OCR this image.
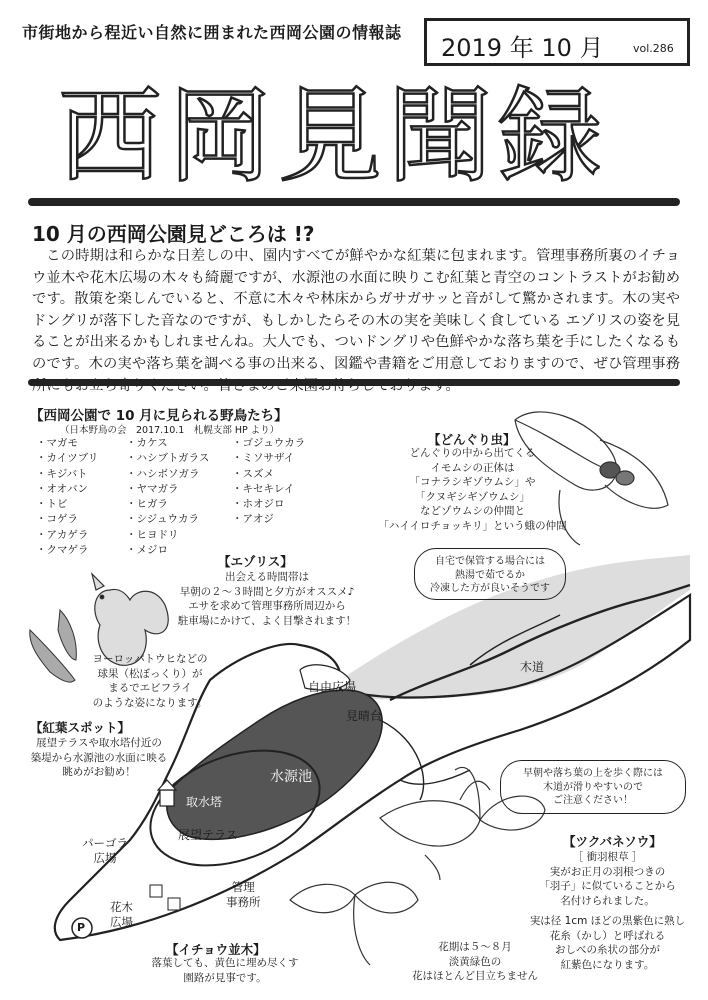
市街地から程近い自然に囲まれた西岡公園の情報誌
2019 年 10 月	vol.286
西岡見聞録
10 月の西岡公園見どころは !?
この時期は和らかな日差しの中、園内すべてが鮮やかな紅葉に包まれます。管理事務所裏のイチョウ並木や花木広場の木々も綺麗ですが、水源池の水面に映りこむ紅葉と青空のコントラストがお勧めです。散策を楽しんでいると、不意に木々や林床からガサガサッと音がして驚かされます。木の実やドングリが落下した音なのですが、もしかしたらその木の実を美味しく食している エゾリスの姿を見ることが出来るかもしれませんね。大人でも、ついドングリや色鮮やかな落ち葉を手にしたくなるものです。木の実や落ち葉を調べる事の出来る、図鑑や書籍をご用意しておりますので、ぜひ管理事務
【西岡公園で 10 月に見られる野鳥たち】
（日本野鳥の会　2017.10.1　札幌支部 HP より）
・マガモ
・カイツブリ
・キジバト
・オオバン
・トビ
・コゲラ
・アカゲラ
・クマゲラ
・カケス
・ハシブトガラス
・ハシボソガラ
・ヤマガラ
・ヒガラ
・シジュウカラ
・ヒヨドリ
・メジロ
・ゴジュウカラ
・ミソサザイ
・スズメ
・キセキレイ
・ホオジロ
・アオジ
【どんぐり虫】
どんぐりの中から出てくる
イモムシの正体は
「コナラシギゾウムシ」や
「クヌギシギゾウムシ」
などゾウムシの仲間と
「ハイイロチョッキリ」という蛾の仲間
【エゾリス】
出会える時間帯は
早朝の２～３時間と夕方がオススメ♪
エサを求めて管理事務所周辺から
駐車場にかけて、よく目撃されます！
自宅で保管する場合には
熱湯で茹でるか
冷凍した方が良いそうです
ヨーロッパトウヒなどの
球果（松ぼっくり）が
まるでエビフライ
のような姿になります。
【紅葉スポット】
展望テラスや取水塔付近の
築堤から水源池の水面に映る
眺めがお勧め！
自由広場
見晴台
木道
水源池
取水塔
展望テラス
パーゴラ
広場
花木
広場
管理
事務所
P
早朝や落ち葉の上を歩く際には
木道が滑りやすいので
ご注意ください！
【ツクバネソウ】
［ 衝羽根草 ］
実がお正月の羽根つきの
「羽子」に似ていることから
名付けられました。
実は径 1cm ほどの黒紫色に熟し
花糸（かし）と呼ばれる
おしべの糸状の部分が
紅紫色になります。
花期は５～８月
淡黄緑色の
花はほとんど目立ちません
【イチョウ並木】
落葉しても、黄色に埋め尽くす
園路が見事です。
